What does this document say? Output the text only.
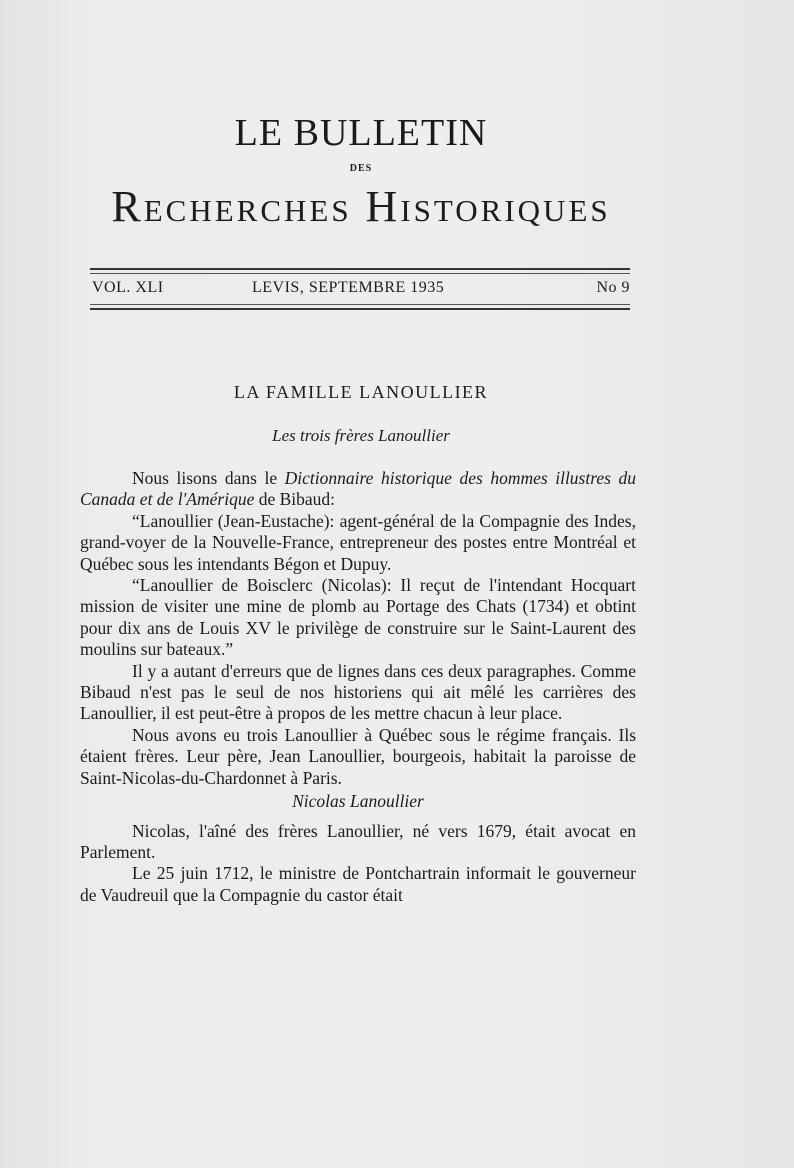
LE BULLETIN
DES
Recherches Historiques
VOL. XLI	LEVIS, SEPTEMBRE 1935	No 9
LA FAMILLE LANOULLIER
Les trois frères Lanoullier

Nous lisons dans le Dictionnaire historique des hommes illustres du Canada et de l'Amérique de Bibaud:

“Lanoullier (Jean-Eustache): agent-général de la Compagnie des Indes, grand-voyer de la Nouvelle-France, entrepreneur des postes entre Montréal et Québec sous les intendants Bégon et Dupuy.

“Lanoullier de Boisclerc (Nicolas): Il reçut de l'intendant Hocquart mission de visiter une mine de plomb au Portage des Chats (1734) et obtint pour dix ans de Louis XV le privilège de construire sur le Saint-Laurent des moulins sur bateaux.”

Il y a autant d'erreurs que de lignes dans ces deux paragraphes. Comme Bibaud n'est pas le seul de nos historiens qui ait mêlé les carrières des Lanoullier, il est peut-être à propos de les mettre chacun à leur place.

Nous avons eu trois Lanoullier à Québec sous le régime français. Ils étaient frères. Leur père, Jean Lanoullier, bourgeois, habitait la paroisse de Saint-Nicolas-du-Chardonnet à Paris.

Nicolas Lanoullier

Nicolas, l'aîné des frères Lanoullier, né vers 1679, était avocat en Parlement.

Le 25 juin 1712, le ministre de Pontchartrain informait le gouverneur de Vaudreuil que la Compagnie du castor était
